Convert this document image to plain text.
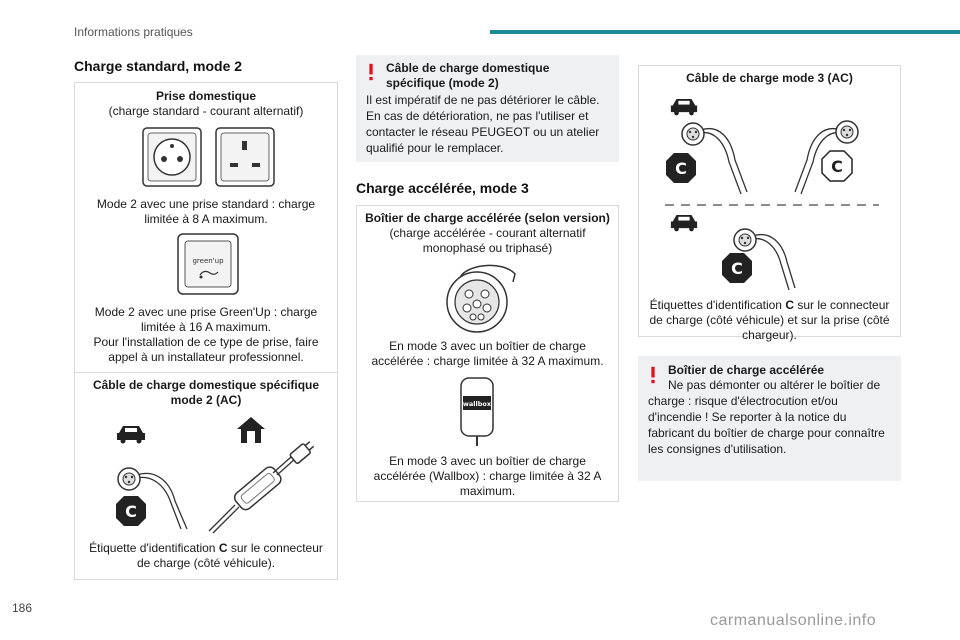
Informations pratiques
Charge standard, mode 2
Prise domestique
(charge standard - courant alternatif)
Mode 2 avec une prise standard : charge limitée à 8 A maximum.
green'up
Mode 2 avec une prise Green'Up : charge limitée à 16 A maximum.
Pour l'installation de ce type de prise, faire appel à un installateur professionnel.
Câble de charge domestique spécifique mode 2 (AC)
C
Étiquette d'identification C sur le connecteur de charge (côté véhicule).
Câble de charge domestique spécifique (mode 2)
Il est impératif de ne pas détériorer le câble. En cas de détérioration, ne pas l'utiliser et contacter le réseau PEUGEOT ou un atelier qualifié pour le remplacer.
Charge accélérée, mode 3
Boîtier de charge accélérée (selon version)
(charge accélérée - courant alternatif monophasé ou triphasé)
En mode 3 avec un boîtier de charge accélérée : charge limitée à 32 A maximum.
wallbox
En mode 3 avec un boîtier de charge accélérée (Wallbox) : charge limitée à 32 A maximum.
Câble de charge mode 3 (AC)
C	C
C
Étiquettes d'identification C sur le connecteur de charge (côté véhicule) et sur la prise (côté chargeur).
Boîtier de charge accélérée
Ne pas démonter ou altérer le boîtier de charge : risque d'électrocution et/ou d'incendie ! Se reporter à la notice du fabricant du boîtier de charge pour connaître les consignes d'utilisation.
186
carmanualsonline.info
